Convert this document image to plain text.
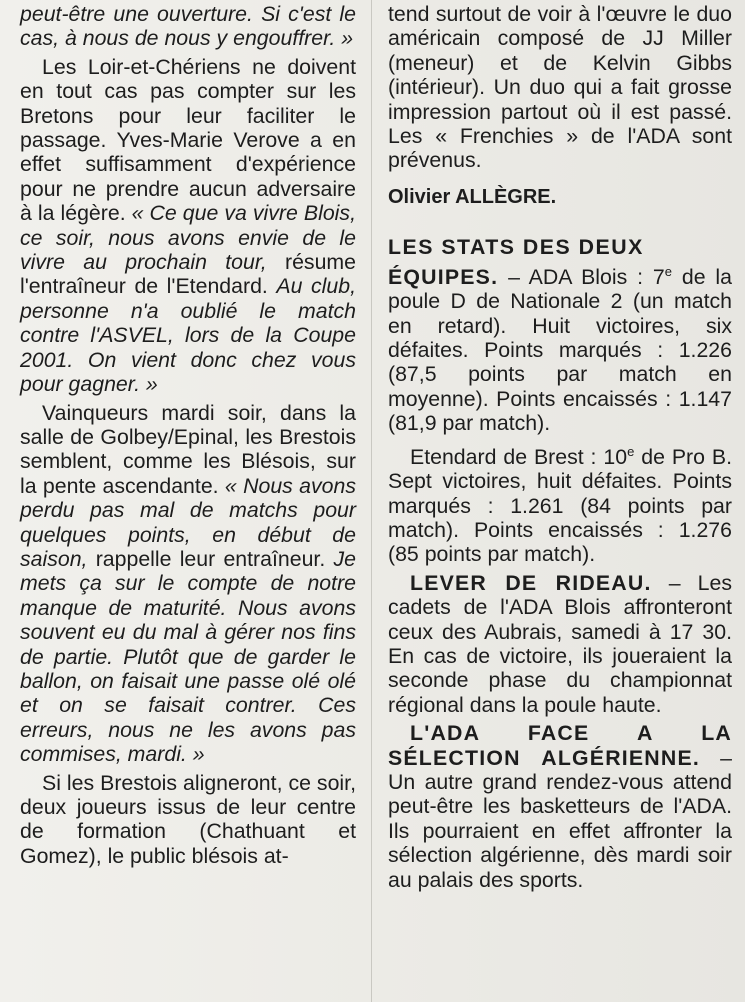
peut-être une ouverture. Si c'est le cas, à nous de nous y engouffrer. »

Les Loir-et-Chériens ne doivent en tout cas pas compter sur les Bretons pour leur faciliter le passage. Yves-Marie Verove a en effet suffisamment d'expérience pour ne prendre aucun adversaire à la légère. « Ce que va vivre Blois, ce soir, nous avons envie de le vivre au prochain tour, résume l'entraîneur de l'Etendard. Au club, personne n'a oublié le match contre l'ASVEL, lors de la Coupe 2001. On vient donc chez vous pour gagner. »

Vainqueurs mardi soir, dans la salle de Golbey/Epinal, les Brestois semblent, comme les Blésois, sur la pente ascendante. « Nous avons perdu pas mal de matchs pour quelques points, en début de saison, rappelle leur entraîneur. Je mets ça sur le compte de notre manque de maturité. Nous avons souvent eu du mal à gérer nos fins de partie. Plutôt que de garder le ballon, on faisait une passe olé olé et on se faisait contrer. Ces erreurs, nous ne les avons pas commises, mardi. »

Si les Brestois aligneront, ce soir, deux joueurs issus de leur centre de formation (Chathuant et Gomez), le public blésois at-

tend surtout de voir à l'œuvre le duo américain composé de JJ Miller (meneur) et de Kelvin Gibbs (intérieur). Un duo qui a fait grosse impression partout où il est passé. Les « Frenchies » de l'ADA sont prévenus.

Olivier ALLÈGRE.

LES STATS DES DEUX
ÉQUIPES. – ADA Blois : 7e de la poule D de Nationale 2 (un match en retard). Huit victoires, six défaites. Points marqués : 1.226 (87,5 points par match en moyenne). Points encaissés : 1.147 (81,9 par match).

Etendard de Brest : 10e de Pro B. Sept victoires, huit défaites. Points marqués : 1.261 (84 points par match). Points encaissés : 1.276 (85 points par match).

LEVER DE RIDEAU. – Les cadets de l'ADA Blois affronteront ceux des Aubrais, samedi à 17 30. En cas de victoire, ils joueraient la seconde phase du championnat régional dans la poule haute.

L'ADA FACE A LA SÉLECTION ALGÉRIENNE. – Un autre grand rendez-vous attend peut-être les basketteurs de l'ADA. Ils pourraient en effet affronter la sélection algérienne, dès mardi soir au palais des sports.
